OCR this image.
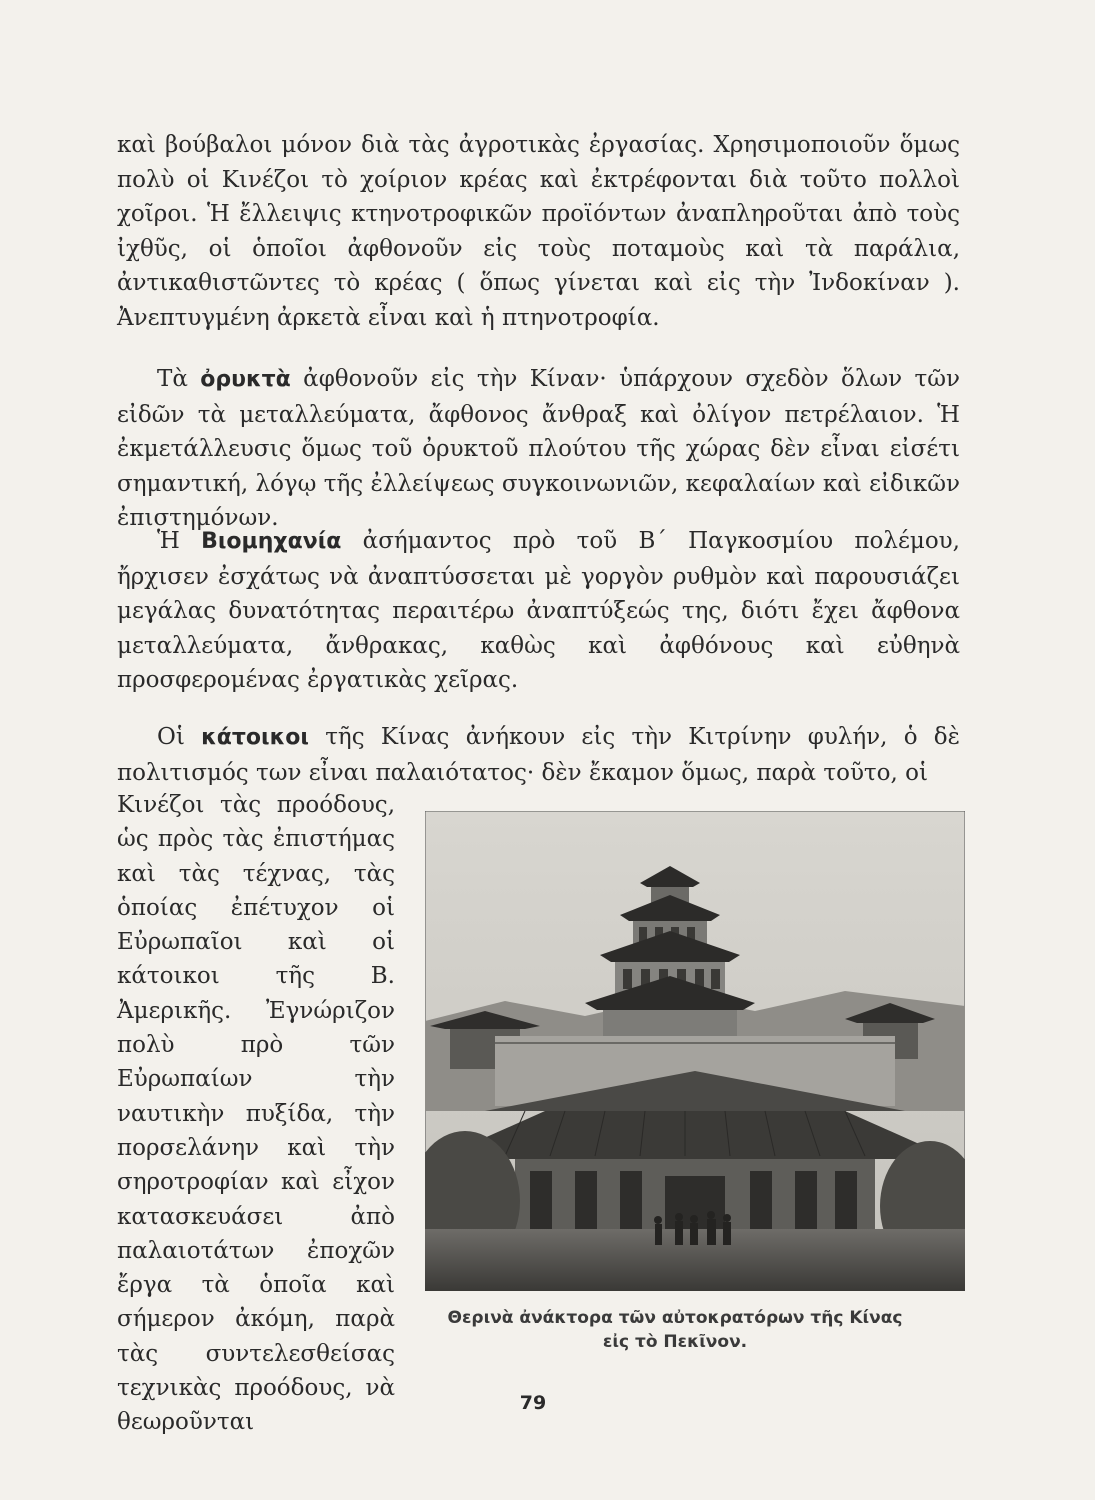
καὶ βούβαλοι μόνον διὰ τὰς ἀγροτικὰς ἐργασίας. Χρησιμοποιοῦν ὅμως πολὺ οἱ Κινέζοι τὸ χοίριον κρέας καὶ ἐκτρέφονται διὰ τοῦτο πολλοὶ χοῖροι. Ἡ ἔλλειψις κτηνοτροφικῶν προϊόντων ἀναπληροῦται ἀπὸ τοὺς ἰχθῦς, οἱ ὁποῖοι ἀφθονοῦν εἰς τοὺς ποταμοὺς καὶ τὰ παράλια, ἀντικαθιστῶντες τὸ κρέας ( ὅπως γίνεται καὶ εἰς τὴν Ἰνδοκίναν ). Ἀνεπτυγμένη ἀρκετὰ εἶναι καὶ ἡ πτηνοτροφία.

Τὰ ὀρυκτὰ ἀφθονοῦν εἰς τὴν Κίναν· ὑπάρχουν σχεδὸν ὅλων τῶν εἰδῶν τὰ μεταλλεύματα, ἄφθονος ἄνθραξ καὶ ὀλίγον πετρέλαιον. Ἡ ἐκμετάλλευσις ὅμως τοῦ ὀρυκτοῦ πλούτου τῆς χώρας δὲν εἶναι εἰσέτι σημαντική, λόγῳ τῆς ἐλλείψεως συγκοινωνιῶν, κεφαλαίων καὶ εἰδικῶν ἐπιστημόνων.

Ἡ Βιομηχανία ἀσήμαντος πρὸ τοῦ Β΄ Παγκοσμίου πολέμου, ἤρχισεν ἐσχάτως νὰ ἀναπτύσσεται μὲ γοργὸν ρυθμὸν καὶ παρουσιάζει μεγάλας δυνατότητας περαιτέρω ἀναπτύξεώς της, διότι ἔχει ἄφθονα μεταλλεύματα, ἄνθρακας, καθὼς καὶ ἀφθόνους καὶ εὐθηνὰ προσφερομένας ἐργατικὰς χεῖρας.

Οἱ κάτοικοι τῆς Κίνας ἀνήκουν εἰς τὴν Κιτρίνην φυλήν, ὁ δὲ πολιτισμός των εἶναι παλαιότατος· δὲν ἔκαμον ὅμως, παρὰ τοῦτο, οἱ

Κινέζοι τὰς προόδους, ὡς πρὸς τὰς ἐπιστήμας καὶ τὰς τέχνας, τὰς ὁποίας ἐπέτυχον οἱ Εὐρωπαῖοι καὶ οἱ κάτοικοι τῆς Β. Ἀμερικῆς. Ἐγνώριζον πολὺ πρὸ τῶν Εὐρωπαίων τὴν ναυτικὴν πυξίδα, τὴν πορσελάνην καὶ τὴν σηροτροφίαν καὶ εἶχον κατασκευάσει ἀπὸ παλαιοτάτων ἐποχῶν ἔργα τὰ ὁποῖα καὶ σήμερον ἀκόμη, παρὰ τὰς συντελεσθείσας τεχνικὰς προόδους, νὰ θεωροῦνται
Θερινὰ ἀνάκτορα τῶν αὐτοκρατόρων τῆς Κίνας
εἰς τὸ Πεκῖνον.
79
